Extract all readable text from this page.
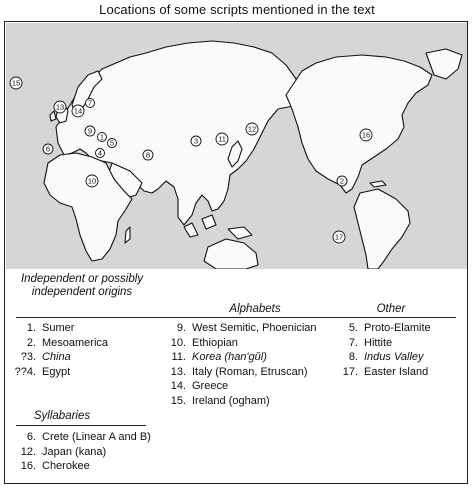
Locations of some scripts mentioned in the text
1
2
3
4
5
6
7
8
9
10
11
12
13 14
15
16
17
Independent or possibly independent origins
Alphabets	Other
Syllabaries
1. Sumer
2. Mesoamerica
?3. China
??4. Egypt
9. West Semitic, Phoenician
10. Ethiopian
11. Korea (han'gŭl)
13. Italy (Roman, Etruscan)
14. Greece
15. Ireland (ogham)
5. Proto-Elamite
7. Hittite
8. Indus Valley
17. Easter Island
6. Crete (Linear A and B)
12. Japan (kana)
16. Cherokee
